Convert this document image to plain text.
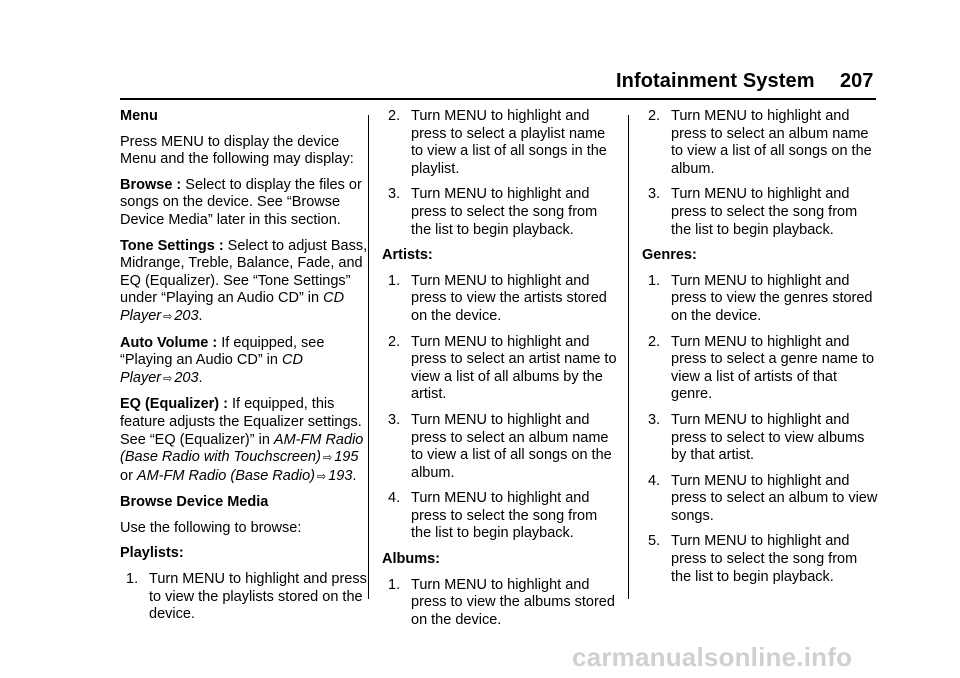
Infotainment System 207

Menu

Press MENU to display the device Menu and the following may display:

Browse : Select to display the files or songs on the device. See “Browse Device Media” later in this section.

Tone Settings : Select to adjust Bass, Midrange, Treble, Balance, Fade, and EQ (Equalizer). See “Tone Settings” under “Playing an Audio CD” in CD Player ⇨ 203.

Auto Volume : If equipped, see “Playing an Audio CD” in CD Player ⇨ 203.

EQ (Equalizer) : If equipped, this feature adjusts the Equalizer settings. See “EQ (Equalizer)” in AM-FM Radio (Base Radio with Touchscreen) ⇨ 195 or AM-FM Radio (Base Radio) ⇨ 193.

Browse Device Media

Use the following to browse:

Playlists:

1. Turn MENU to highlight and press to view the playlists stored on the device.
2. Turn MENU to highlight and press to select a playlist name to view a list of all songs in the playlist.
3. Turn MENU to highlight and press to select the song from the list to begin playback.

Artists:

1. Turn MENU to highlight and press to view the artists stored on the device.
2. Turn MENU to highlight and press to select an artist name to view a list of all albums by the artist.
3. Turn MENU to highlight and press to select an album name to view a list of all songs on the album.
4. Turn MENU to highlight and press to select the song from the list to begin playback.

Albums:

1. Turn MENU to highlight and press to view the albums stored on the device.
2. Turn MENU to highlight and press to select an album name to view a list of all songs on the album.
3. Turn MENU to highlight and press to select the song from the list to begin playback.

Genres:

1. Turn MENU to highlight and press to view the genres stored on the device.
2. Turn MENU to highlight and press to select a genre name to view a list of artists of that genre.
3. Turn MENU to highlight and press to select to view albums by that artist.
4. Turn MENU to highlight and press to select an album to view songs.
5. Turn MENU to highlight and press to select the song from the list to begin playback.
carmanualsonline.info
